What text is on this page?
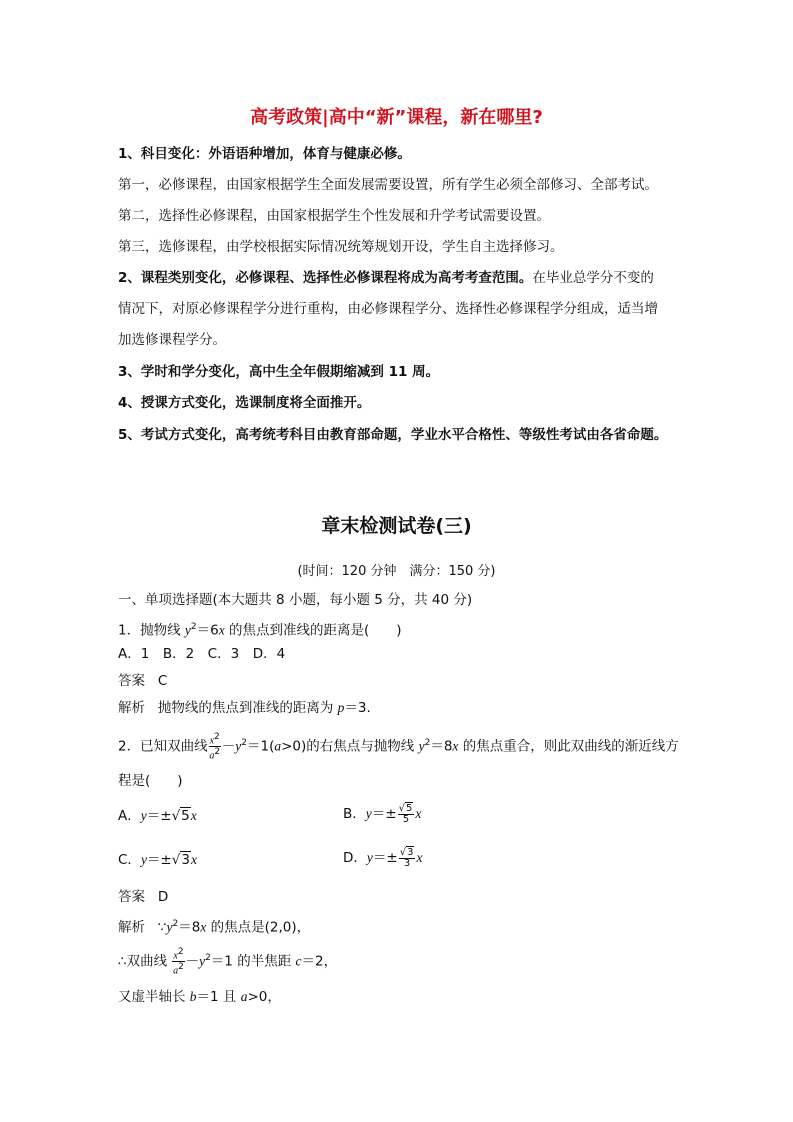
高考政策|高中“新”课程，新在哪里?
1、科目变化：外语语种增加，体育与健康必修。
第一，必修课程，由国家根据学生全面发展需要设置，所有学生必须全部修习、全部考试。
第二，选择性必修课程，由国家根据学生个性发展和升学考试需要设置。
第三，选修课程，由学校根据实际情况统筹规划开设，学生自主选择修习。
2、课程类别变化，必修课程、选择性必修课程将成为高考考查范围。在毕业总学分不变的
情况下，对原必修课程学分进行重构，由必修课程学分、选择性必修课程学分组成，适当增
加选修课程学分。
3、学时和学分变化，高中生全年假期缩减到 11 周。
4、授课方式变化，选课制度将全面推开。
5、考试方式变化，高考统考科目由教育部命题，学业水平合格性、等级性考试由各省命题。
章末检测试卷(三)
(时间：120 分钟　满分：150 分)
一、单项选择题(本大题共 8 小题，每小题 5 分，共 40 分)
1．抛物线 $y^2=6x$ 的焦点到准线的距离是(　　)
A．1　B．2　C．3　D．4
答案 C
解析 抛物线的焦点到准线的距离为 p＝3.
2．已知双曲线 $\frac{x^2}{a^2} -y^2=1(a>0)$的右焦点与抛物线 $y^2=8x$ 的焦点重合，则此双曲线的渐近线方
程是(　　)
A．y＝±√5x	B．$y=\pm \frac{√5}{5}$ x
C．y＝±√3x	D．$y=\pm \frac{√3}{3}$ x
答案 D
解析 $\because y^2=8x$ 的焦点是(2,0)，
∴双曲线 $\frac{x^2}{a^2} -y^2=1$ 的半焦距 c＝2，
又虚半轴长 b＝1 且 a>0，
